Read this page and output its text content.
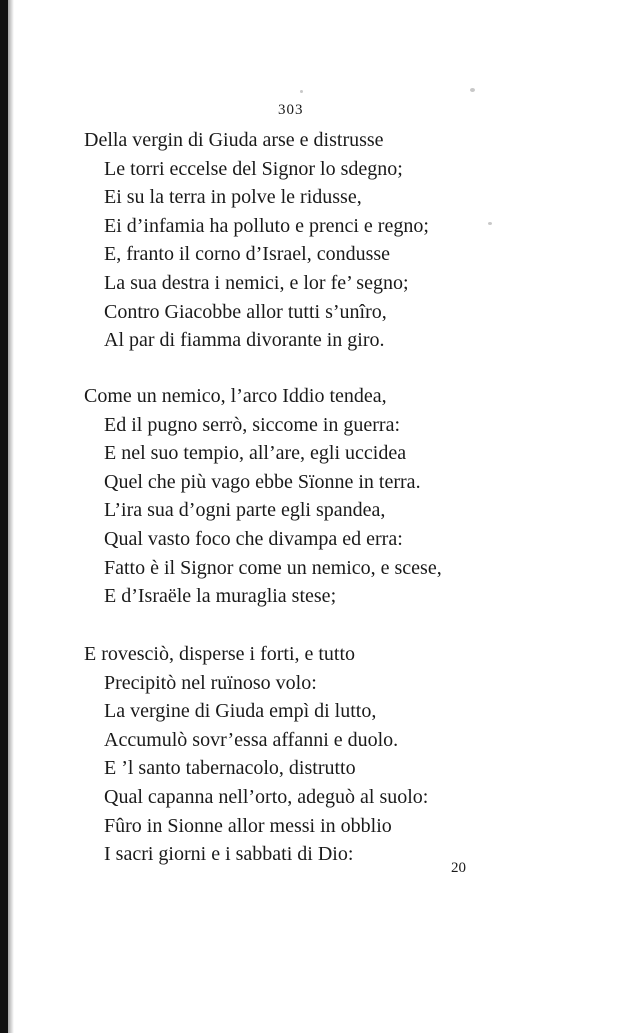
303
Della vergin di Giuda arse e distrusse
Le torri eccelse del Signor lo sdegno;
Ei su la terra in polve le ridusse,
Ei d’infamia ha polluto e prenci e regno;
E, franto il corno d’Israel, condusse
La sua destra i nemici, e lor fe’ segno;
Contro Giacobbe allor tutti s’unîro,
Al par di fiamma divorante in giro.
Come un nemico, l’arco Iddio tendea,
Ed il pugno serrò, siccome in guerra:
E nel suo tempio, all’are, egli uccidea
Quel che più vago ebbe Sïonne in terra.
L’ira sua d’ogni parte egli spandea,
Qual vasto foco che divampa ed erra:
Fatto è il Signor come un nemico, e scese,
E d’Israële la muraglia stese;
E rovesciò, disperse i forti, e tutto
Precipitò nel ruïnoso volo:
La vergine di Giuda empì di lutto,
Accumulò sovr’essa affanni e duolo.
E ’l santo tabernacolo, distrutto
Qual capanna nell’orto, adeguò al suolo:
Fûro in Sionne allor messi in obblio
I sacri giorni e i sabbati di Dio:
20
